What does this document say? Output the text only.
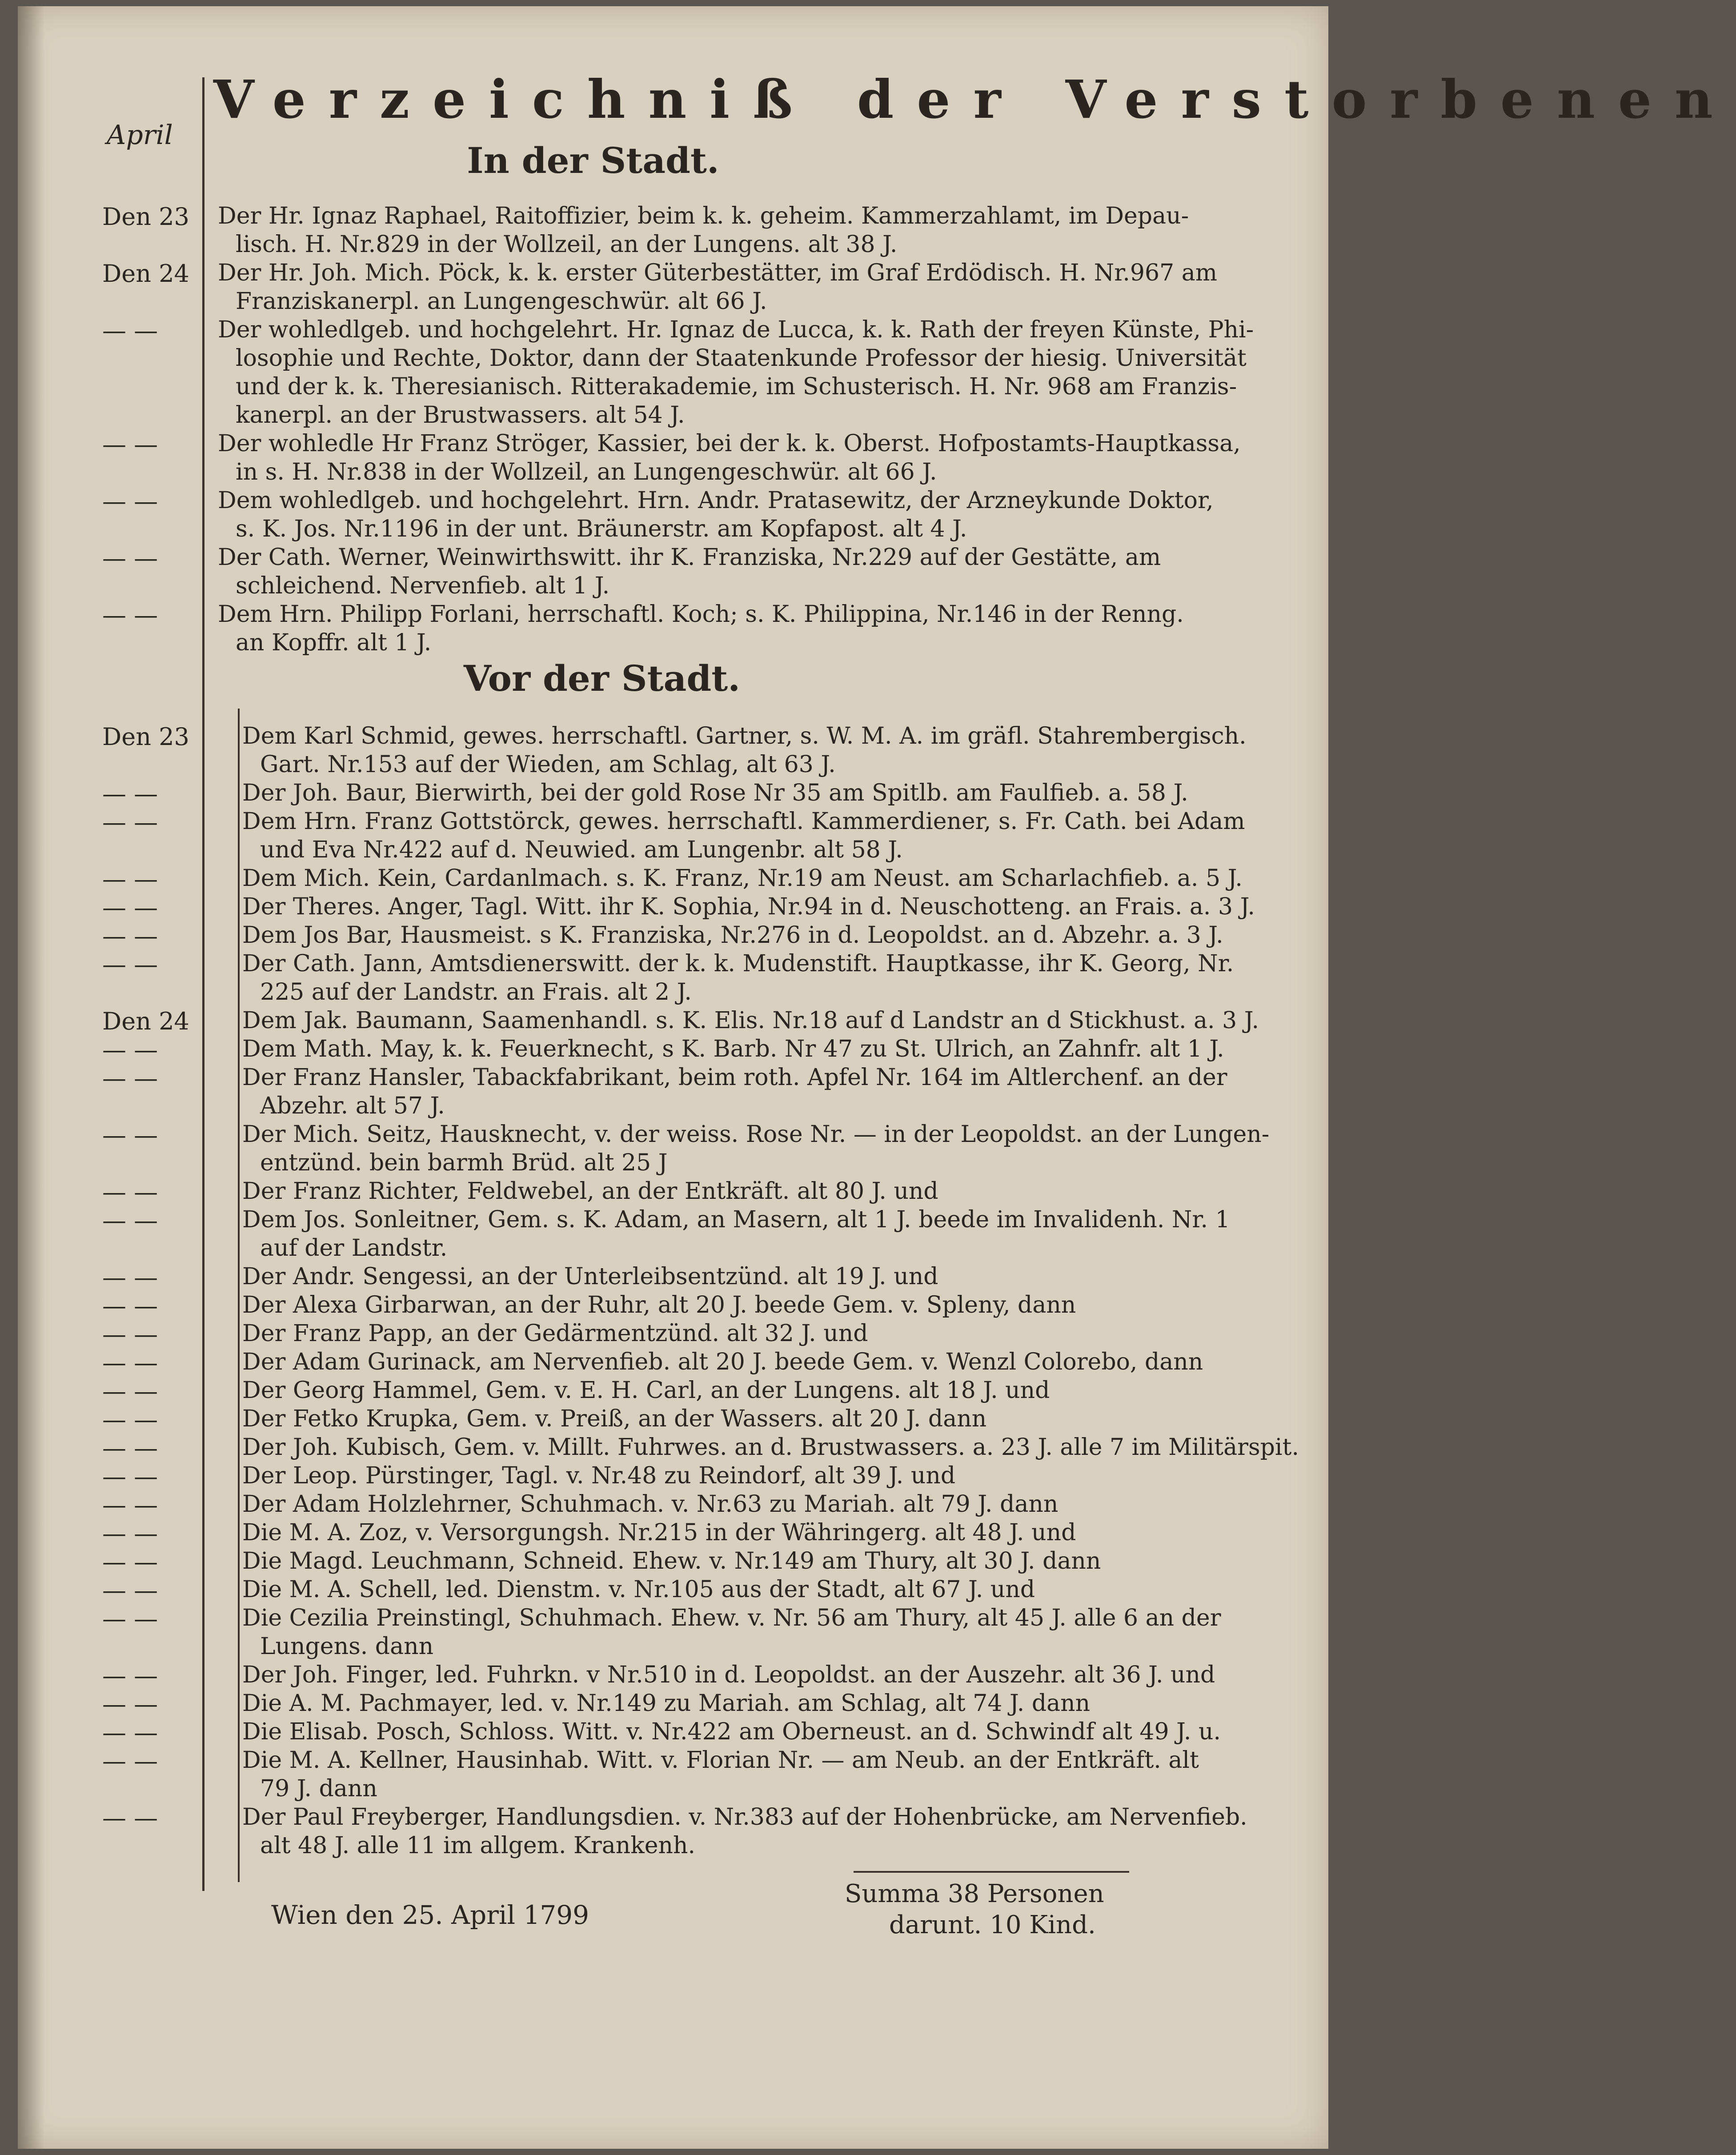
April
Verzeichniß der Verstorbenen
In der Stadt.
Vor der Stadt.
Den 23 Der Hr. Ignaz Raphael, Raitoffizier, beim k. k. geheim. Kammerzahlamt, im Depau-
lisch. H. Nr.829 in der Wollzeil, an der Lungens. alt 38 J.
Den 24 Der Hr. Joh. Mich. Pöck, k. k. erster Güterbestätter, im Graf Erdödisch. H. Nr.967 am
Franziskanerpl. an Lungengeschwür. alt 66 J.
— —	Der wohledlgeb. und hochgelehrt. Hr. Ignaz de Lucca, k. k. Rath der freyen Künste, Phi-
losophie und Rechte, Doktor, dann der Staatenkunde Professor der hiesig. Universität
und der k. k. Theresianisch. Ritterakademie, im Schusterisch. H. Nr. 968 am Franzis-
kanerpl. an der Brustwassers. alt 54 J.
— —	Der wohledle Hr Franz Ströger, Kassier, bei der k. k. Oberst. Hofpostamts-Hauptkassa,
in s. H. Nr.838 in der Wollzeil, an Lungengeschwür. alt 66 J.
— —	Dem wohledlgeb. und hochgelehrt. Hrn. Andr. Pratasewitz, der Arzneykunde Doktor,
s. K. Jos. Nr.1196 in der unt. Bräunerstr. am Kopfapost. alt 4 J.
— —	Der Cath. Werner, Weinwirthswitt. ihr K. Franziska, Nr.229 auf der Gestätte, am
schleichend. Nervenfieb. alt 1 J.
— —	Dem Hrn. Philipp Forlani, herrschaftl. Koch; s. K. Philippina, Nr.146 in der Renng.
an Kopffr. alt 1 J.
Den 23 Dem Karl Schmid, gewes. herrschaftl. Gartner, s. W. M. A. im gräfl. Stahrembergisch.
Gart. Nr.153 auf der Wieden, am Schlag, alt 63 J.
— —	Der Joh. Baur, Bierwirth, bei der gold Rose Nr 35 am Spitlb. am Faulfieb. a. 58 J.
— —	Dem Hrn. Franz Gottstörck, gewes. herrschaftl. Kammerdiener, s. Fr. Cath. bei Adam
und Eva Nr.422 auf d. Neuwied. am Lungenbr. alt 58 J.
— —	Dem Mich. Kein, Cardanlmach. s. K. Franz, Nr.19 am Neust. am Scharlachfieb. a. 5 J.
— —	Der Theres. Anger, Tagl. Witt. ihr K. Sophia, Nr.94 in d. Neuschotteng. an Frais. a. 3 J.
— —	Dem Jos Bar, Hausmeist. s K. Franziska, Nr.276 in d. Leopoldst. an d. Abzehr. a. 3 J.
— —	Der Cath. Jann, Amtsdienerswitt. der k. k. Mudenstift. Hauptkasse, ihr K. Georg, Nr.
225 auf der Landstr. an Frais. alt 2 J.
Den 24 Dem Jak. Baumann, Saamenhandl. s. K. Elis. Nr.18 auf d Landstr an d Stickhust. a. 3 J.
— —	Dem Math. May, k. k. Feuerknecht, s K. Barb. Nr 47 zu St. Ulrich, an Zahnfr. alt 1 J.
— —	Der Franz Hansler, Tabackfabrikant, beim roth. Apfel Nr. 164 im Altlerchenf. an der
Abzehr. alt 57 J.
— —	Der Mich. Seitz, Hausknecht, v. der weiss. Rose Nr. — in der Leopoldst. an der Lungen-
entzünd. bein barmh Brüd. alt 25 J
— —	Der Franz Richter, Feldwebel, an der Entkräft. alt 80 J. und
— —	Dem Jos. Sonleitner, Gem. s. K. Adam, an Masern, alt 1 J. beede im Invalidenh. Nr. 1
auf der Landstr.
— —	Der Andr. Sengessi, an der Unterleibsentzünd. alt 19 J. und
— —	Der Alexa Girbarwan, an der Ruhr, alt 20 J. beede Gem. v. Spleny, dann
— —	Der Franz Papp, an der Gedärmentzünd. alt 32 J. und
— —	Der Adam Gurinack, am Nervenfieb. alt 20 J. beede Gem. v. Wenzl Colorebo, dann
— —	Der Georg Hammel, Gem. v. E. H. Carl, an der Lungens. alt 18 J. und
— —	Der Fetko Krupka, Gem. v. Preiß, an der Wassers. alt 20 J. dann
— —	Der Joh. Kubisch, Gem. v. Millt. Fuhrwes. an d. Brustwassers. a. 23 J. alle 7 im Militärspit.
— —	Der Leop. Pürstinger, Tagl. v. Nr.48 zu Reindorf, alt 39 J. und
— —	Der Adam Holzlehrner, Schuhmach. v. Nr.63 zu Mariah. alt 79 J. dann
— —	Die M. A. Zoz, v. Versorgungsh. Nr.215 in der Währingerg. alt 48 J. und
— —	Die Magd. Leuchmann, Schneid. Ehew. v. Nr.149 am Thury, alt 30 J. dann
— —	Die M. A. Schell, led. Dienstm. v. Nr.105 aus der Stadt, alt 67 J. und
— —	Die Cezilia Preinstingl, Schuhmach. Ehew. v. Nr. 56 am Thury, alt 45 J. alle 6 an der
Lungens. dann
— —	Der Joh. Finger, led. Fuhrkn. v Nr.510 in d. Leopoldst. an der Auszehr. alt 36 J. und
— —	Die A. M. Pachmayer, led. v. Nr.149 zu Mariah. am Schlag, alt 74 J. dann
— —	Die Elisab. Posch, Schloss. Witt. v. Nr.422 am Oberneust. an d. Schwindf alt 49 J. u.
— —	Die M. A. Kellner, Hausinhab. Witt. v. Florian Nr. — am Neub. an der Entkräft. alt
79 J. dann
— —	Der Paul Freyberger, Handlungsdien. v. Nr.383 auf der Hohenbrücke, am Nervenfieb.
alt 48 J. alle 11 im allgem. Krankenh.
Wien den 25. April 1799
Summa 38 Personen
darunt. 10 Kind.
